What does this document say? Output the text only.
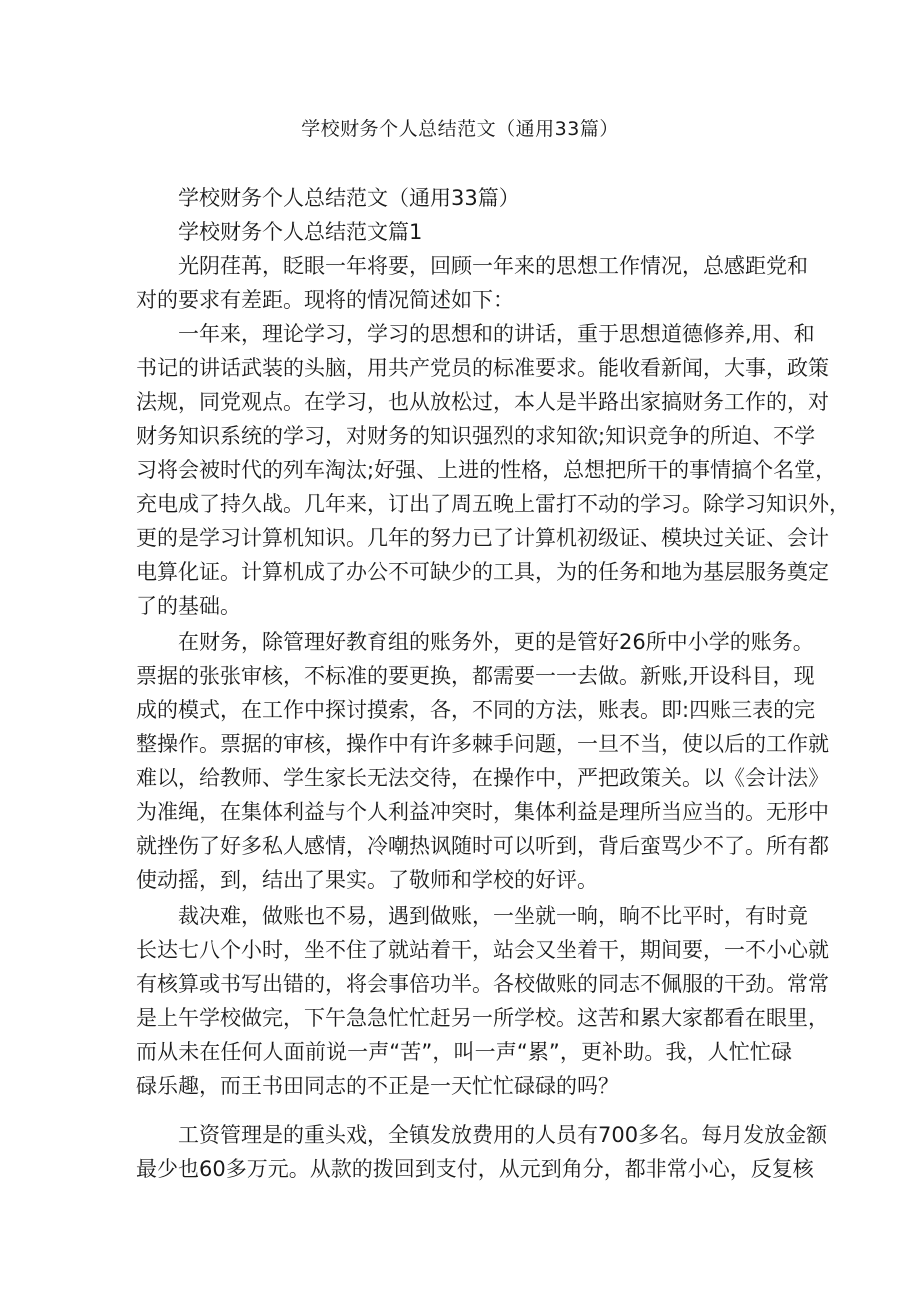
学校财务个人总结范文（通用33篇）
学校财务个人总结范文（通用33篇）
学校财务个人总结范文篇1
光阴荏苒，眨眼一年将要，回顾一年来的思想工作情况，总感距党和
对的要求有差距。现将的情况简述如下：
一年来，理论学习，学习的思想和的讲话，重于思想道德修养,用、和
书记的讲话武装的头脑，用共产党员的标准要求。能收看新闻，大事，政策
法规，同党观点。在学习，也从放松过，本人是半路出家搞财务工作的，对
财务知识系统的学习，对财务的知识强烈的求知欲;知识竞争的所迫、不学
习将会被时代的列车淘汰;好强、上进的性格，总想把所干的事情搞个名堂，
充电成了持久战。几年来，订出了周五晚上雷打不动的学习。除学习知识外，
更的是学习计算机知识。几年的努力已了计算机初级证、模块过关证、会计
电算化证。计算机成了办公不可缺少的工具，为的任务和地为基层服务奠定
了的基础。
在财务，除管理好教育组的账务外，更的是管好26所中小学的账务。
票据的张张审核，不标准的要更换，都需要一一去做。新账,开设科目，现
成的模式，在工作中探讨摸索，各，不同的方法，账表。即:四账三表的完
整操作。票据的审核，操作中有许多棘手问题，一旦不当，使以后的工作就
难以，给教师、学生家长无法交待，在操作中，严把政策关。以《会计法》
为准绳，在集体利益与个人利益冲突时，集体利益是理所当应当的。无形中
就挫伤了好多私人感情，冷嘲热讽随时可以听到，背后蛮骂少不了。所有都
使动摇，到，结出了果实。了敬师和学校的好评。
裁决难，做账也不易，遇到做账，一坐就一晌，晌不比平时，有时竟
长达七八个小时，坐不住了就站着干，站会又坐着干，期间要，一不小心就
有核算或书写出错的，将会事倍功半。各校做账的同志不佩服的干劲。常常
是上午学校做完，下午急急忙忙赶另一所学校。这苦和累大家都看在眼里，
而从未在任何人面前说一声“苦”，叫一声“累”，更补助。我，人忙忙碌
碌乐趣，而王书田同志的不正是一天忙忙碌碌的吗？
工资管理是的重头戏，全镇发放费用的人员有700多名。每月发放金额
最少也60多万元。从款的拨回到支付，从元到角分，都非常小心，反复核
